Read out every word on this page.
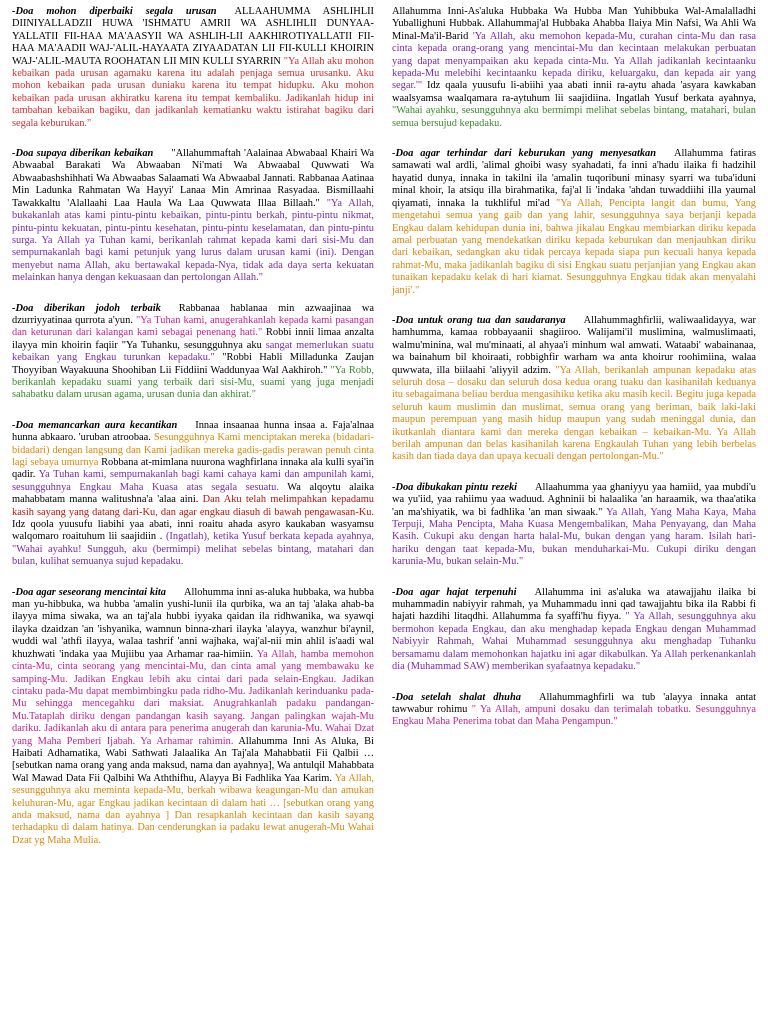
-Doa mohon diperbaiki segala urusan ALLAAHUMMA ASHLIHLII DIINIYALLADZII HUWA 'ISHMATU AMRII WA ASHLIHLII DUNYAA-YALLATII FII-HAA MA'AASYII WA ASHLIH-LII AAKHIROTIYALLATII FII-HAA MA'AADII WAJ-'ALIL-HAYAATA ZIYAADATAN LII FII-KULLI KHOIRIN WAJ-'ALIL-MAUTA ROOHATAN LII MIN KULLI SYARRIN "Ya Allah aku mohon kebaikan pada urusan agamaku karena itu adalah penjaga semua urusanku. Aku mohon kebaikan pada urusan duniaku karena itu tempat hidupku. Aku mohon kebaikan pada urusan akhiratku karena itu tempat kembaliku. Jadikanlah hidup ini tambahan kebaikan bagiku, dan jadikanlah kematianku waktu istirahat bagiku dari segala keburukan."
-Doa supaya diberikan kebaikan "Allahummaftah 'Aalainaa Abwabaal Khairi Wa Abwaabal Barakati Wa Abwaaban Ni'mati Wa Abwaabal Quwwati Wa Abwaabashshihhati Wa Abwaabas Salaamati Wa Abwaabal Jannati. Rabbanaa Aatinaa Min Ladunka Rahmatan Wa Hayyi' Lanaa Min Amrinaa Rasyadaa. Bismillaahi Tawakkaltu 'Alallaahi Laa Haula Wa Laa Quwwata Illaa Billaah." "Ya Allah, bukakanlah atas kami pintu-pintu kebaikan, pintu-pintu berkah, pintu-pintu nikmat, pintu-pintu kekuatan, pintu-pintu kesehatan, pintu-pintu keselamatan, dan pintu-pintu surga. Ya Allah ya Tuhan kami, berikanlah rahmat kepada kami dari sisi-Mu dan sempurnakanlah bagi kami petunjuk yang lurus dalam urusan kami (ini). Dengan menyebut nama Allah, aku bertawakal kepada-Nya, tidak ada daya serta kekuatan melainkan hanya dengan kekuasaan dan pertolongan Allah."
-Doa diberikan jodoh terbaik Rabbanaa hablanaa min azwaajinaa wa dzurriyyatinaa qurrota a'yun. "Ya Tuhan kami, anugerahkanlah kepada kami pasangan dan keturunan dari kalangan kami sebagai penenang hati." Robbi innii limaa anzalta ilayya min khoirin faqiir "Ya Tuhanku, sesungguhnya aku sangat memerlukan suatu kebaikan yang Engkau turunkan kepadaku." "Robbi Habli Milladunka Zaujan Thoyyiban Wayakuuna Shoohiban Lii Fiddiini Waddunyaa Wal Aakhiroh." "Ya Robb, berikanlah kepadaku suami yang terbaik dari sisi-Mu, suami yang juga menjadi sahabatku dalam urusan agama, urusan dunia dan akhirat."
-Doa memancarkan aura kecantikan Innaa insaanaa hunna insaa a. Faja'alnaa hunna abkaaro. 'uruban atroobaa. Sesungguhnya Kami menciptakan mereka (bidadari-bidadari) dengan langsung dan Kami jadikan mereka gadis-gadis perawan penuh cinta lagi sebaya umurnya Robbana at-mimlana nuurona waghfirlana innaka ala kulli syai'in qadir. Ya Tuhan kami, sempurnakanlah bagi kami cahaya kami dan ampunilah kami, sesungguhnya Engkau Maha Kuasa atas segala sesuatu. Wa alqoytu alaika mahabbatam manna walitushna'a 'alaa aini. Dan Aku telah melimpahkan kepadamu kasih sayang yang datang dari-Ku, dan agar engkau diasuh di bawah pengawasan-Ku. Idz qoola yuusufu liabihi yaa abati, inni roaitu ahada asyro kaukaban wasyamsu walqomaro roaituhum lii saajidiin . (Ingatlah), ketika Yusuf berkata kepada ayahnya, "Wahai ayahku! Sungguh, aku (bermimpi) melihat sebelas bintang, matahari dan bulan, kulihat semuanya sujud kepadaku.
-Doa agar seseorang mencintai kita Allohumma inni as-aluka hubbaka, wa hubba man yu-hibbuka, wa hubba 'amalin yushi-lunii ila qurbika, wa an taj 'alaka ahab-ba ilayya mima siwaka, wa an taj'ala hubbi iyyaka qaidan ila ridhwanika, wa syawqi ilayka dzaidzan 'an 'ishyanika, wamnun binna-zhari ilayka 'alayya, wanzhur bi'aynil, wuddi wal 'athfi ilayya, walaa tashrif 'anni wajhaka, waj'al-nii min ahlil is'aadi wal khuzhwati 'indaka yaa Mujiibu yaa Arhamar raa-himiin. Ya Allah, hamba memohon cinta-Mu, cinta seorang yang mencintai-Mu, dan cinta amal yang membawaku ke samping-Mu. Jadikan Engkau lebih aku cintai dari pada selain-Engkau. Jadikan cintaku pada-Mu dapat membimbingku pada ridho-Mu. Jadikanlah kerinduanku pada-Mu sehingga mencegahku dari maksiat. Anugrahkanlah padaku pandangan-Mu.Tataplah diriku dengan pandangan kasih sayang. Jangan palingkan wajah-Mu dariku. Jadikanlah aku di antara para penerima anugerah dan karunia-Mu. Wahai Dzat yang Maha Pemberi Ijabah. Ya Arhamar rahimin. Allahumma Inni As Aluka, Bi Haibati Adhamatika, Wabi Sathwati Jalaalika An Taj'ala Mahabbatii Fii Qalbii … [sebutkan nama orang yang anda maksud, nama dan ayahnya], Wa antulqil Mahabbata Wal Mawad Data Fii Qalbihi Wa Aththifhu, Alayya Bi Fadhlika Yaa Karim. Ya Allah, sesungguhnya aku meminta kepada-Mu, berkah wibawa keagungan-Mu dan amukan keluhuran-Mu, agar Engkau jadikan kecintaan di dalam hati … [sebutkan orang yang anda maksud, nama dan ayahnya ] Dan resapkanlah kecintaan dan kasih sayang terhadapku di dalam hatinya. Dan cenderungkan ia padaku lewat anugerah-Mu Wahai Dzat yg Maha Mulia.
Allahumma Inni-As'aluka Hubbaka Wa Hubba Man Yuhibbuka Wal-Amalalladhi Yuballighuni Hubbak. Allahummaj'al Hubbaka Ahabba Ilaiya Min Nafsi, Wa Ahli Wa Minal-Ma'il-Barid 'Ya Allah, aku memohon kepada-Mu, curahan cinta-Mu dan rasa cinta kepada orang-orang yang mencintai-Mu dan kecintaan melakukan perbuatan yang dapat menyampaikan aku kepada cinta-Mu. Ya Allah jadikanlah kecintaanku kepada-Mu melebihi kecintaanku kepada diriku, keluargaku, dan kepada air yang segar.'" Idz qaala yuusufu li-abiihi yaa abati innii ra-aytu ahada 'asyara kawkaban waalsyamsa waalqamara ra-aytuhum lii saajidiina. Ingatlah Yusuf berkata ayahnya, "Wahai ayahku, sesungguhnya aku bermimpi melihat sebelas bintang, matahari, bulan semua bersujud kepadaku.
-Doa agar terhindar dari keburukan yang menyesatkan Allahumma fatiras samawati wal ardli, 'alimal ghoibi wasy syahadati, fa inni a'hadu ilaika fi hadzihil hayatid dunya, innaka in takilni ila 'amalin tuqoribuni minasy syarri wa tuba'iduni minal khoir, la atsiqu illa birahmatika, faj'al li 'indaka 'ahdan tuwaddiihi illa yaumal qiyamati, innaka la tukhliful mi'ad "Ya Allah, Pencipta langit dan bumu, Yang mengetahui semua yang gaib dan yang lahir, sesungguhnya saya berjanji kepada Engkau dalam kehidupan dunia ini, bahwa jikalau Engkau membiarkan diriku kepada amal perbuatan yang mendekatkan diriku kepada keburukan dan menjauhkan diriku dari kebaikan, sedangkan aku tidak percaya kepada siapa pun kecuali hanya kepada rahmat-Mu, maka jadikanlah bagiku di sisi Engkau suatu perjanjian yang Engkau akan tunaikan kepadaku kelak di hari kiamat. Sesungguhnya Engkau tidak akan menyalahi janji'."
-Doa untuk orang tua dan saudaranya Allahummaghfirlii, waliwaalidayya, war hamhumma, kamaa robbayaanii shagiiroo. Walijami'il muslimina, walmuslimaati, walmu'minina, wal mu'minaati, al ahyaa'i minhum wal amwati. Wataabi' wabainanaa, wa bainahum bil khoiraati, robbighfir warham wa anta khoirur roohimiina, walaa quwwata, illa biilaahi 'aliyyil adzim. "Ya Allah, berikanlah ampunan kepadaku atas seluruh dosa – dosaku dan seluruh dosa kedua orang tuaku dan kasihanilah keduanya itu sebagaimana beliau berdua mengasihiku ketika aku masih kecil. Begitu juga kepada seluruh kaum muslimin dan muslimat, semua orang yang beriman, baik laki-laki maupun perempuan yang masih hidup maupun yang sudah meninggal dunia, dan ikutkanlah diantara kami dan mereka dengan kebaikan – kebaikan-Mu. Ya Allah berilah ampunan dan belas kasihanilah karena Engkaulah Tuhan yang lebih berbelas kasih dan tiada daya dan upaya kecuali dengan pertolongan-Mu."
-Doa dibukakan pintu rezeki Allaahumma yaa ghaniyyu yaa hamiid, yaa mubdi'u wa yu'iid, yaa rahiimu yaa waduud. Aghninii bi halaalika 'an haraamik, wa thaa'atika 'an ma'shiyatik, wa bi fadhlika 'an man siwaak." Ya Allah, Yang Maha Kaya, Maha Terpuji, Maha Pencipta, Maha Kuasa Mengembalikan, Maha Penyayang, dan Maha Kasih. Cukupi aku dengan harta halal-Mu, bukan dengan yang haram. Isilah hari-hariku dengan taat kepada-Mu, bukan menduharkai-Mu. Cukupi diriku dengan karunia-Mu, bukan selain-Mu."
-Doa agar hajat terpenuhi Allahumma ini as'aluka wa atawajjahu ilaika bi muhammadin nabiyyir rahmah, ya Muhammadu inni qad tawajjahtu bika ila Rabbi fi hajati hazdihi litaqdhi. Allahumma fa syaffi'hu fiyya. " Ya Allah, sesungguhnya aku bermohon kepada Engkau, dan aku menghadap kepada Engkau dengan Muhammad Nabiyyir Rahmah, Wahai Muhammad sesungguhnya aku menghadap Tuhanku bersamamu dalam memohonkan hajatku ini agar dikabulkan. Ya Allah perkenankanlah dia (Muhammad SAW) memberikan syafaatnya kepadaku."
-Doa setelah shalat dhuha Allahummaghfirli wa tub 'alayya innaka antat tawwabur rohimu " Ya Allah, ampuni dosaku dan terimalah tobatku. Sesungguhnya Engkau Maha Penerima tobat dan Maha Pengampun."
